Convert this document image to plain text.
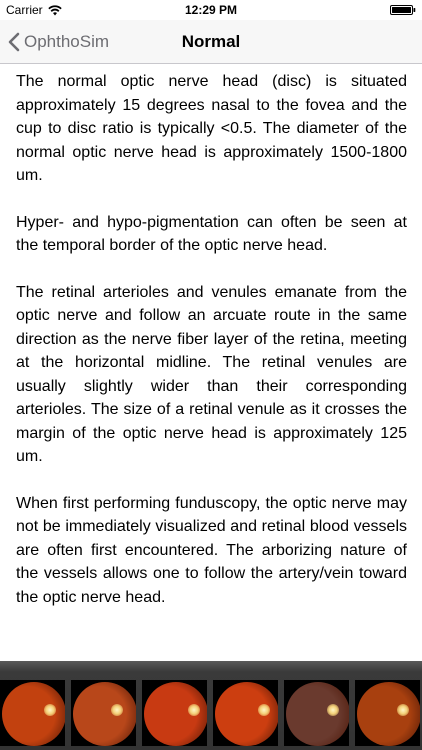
Carrier	12:29 PM
OphthoSim	Normal

The normal optic nerve head (disc) is situated approximately 15 degrees nasal to the fovea and the cup to disc ratio is typically <0.5. The diameter of the normal optic nerve head is approximately 1500-1800 um.

Hyper- and hypo-pigmentation can often be seen at the temporal border of the optic nerve head.

The retinal arterioles and venules emanate from the optic nerve and follow an arcuate route in the same direction as the nerve fiber layer of the retina, meeting at the horizontal midline. The retinal venules are usually slightly wider than their corresponding arterioles. The size of a retinal venule as it crosses the margin of the optic nerve head is approximately 125 um.

When first performing funduscopy, the optic nerve may not be immediately visualized and retinal blood vessels are often first encountered. The arborizing nature of the vessels allows one to follow the artery/vein toward the optic nerve head.
